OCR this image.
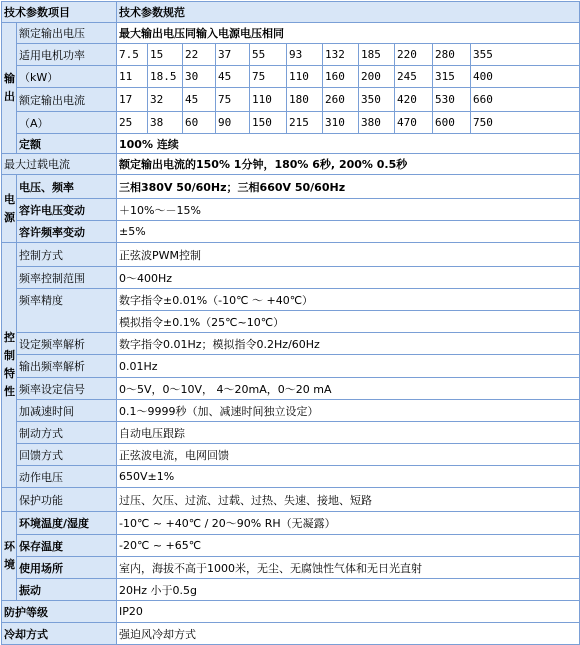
技术参数项目		技术参数规范										

输
出	额定输出电压	最大输出电压同输入电源电压相同										
	适用电机功率	7.5	15	22	37	55	93	132	185	220	280	355
	（kW）	11	18.5	30	45	75	110	160	200	245	315	400
	额定输出电流	17	32	45	75	110	180	260	350	420	530	660
	（A）	25	38	60	90	150	215	310	380	470	600	750
	定额	100% 连续										
最大过载电流		额定输出电流的150% 1分钟，180% 6秒, 200% 0.5秒										

电
源	电压、频率	三相380V 50/60Hz；三相660V 50/60Hz										
	容许电压变动	＋10%～－15%										
	容许频率变动	±5%										

控
制
特
性	控制方式	正弦波PWM控制										
	频率控制范围	0～400Hz										
	频率精度	数字指令±0.01%（-10℃ ～ +40℃）										
		模拟指令±0.1%（25℃~10℃）										
	设定频率解析	数字指令0.01Hz；模拟指令0.2Hz/60Hz										
	输出频率解析	0.01Hz										
	频率设定信号	0～5V，0～10V， 4～20mA，0～20 mA										
	加减速时间	0.1～9999秒（加、减速时间独立设定）										
	制动方式	自动电压跟踪										
	回馈方式	正弦波电流，电网回馈										
	动作电压	650V±1%										
	保护功能	过压、欠压、过流、过载、过热、失速、接地、短路										

环
境	环境温度/湿度	-10℃ ~ +40℃ / 20～90% RH（无凝露）										
	保存温度	-20℃ ~ +65℃										
	使用场所	室内，海拔不高于1000米，无尘、无腐蚀性气体和无日光直射										
	振动	20Hz 小于0.5g										
防护等级		IP20										
冷却方式		强迫风冷却方式										
